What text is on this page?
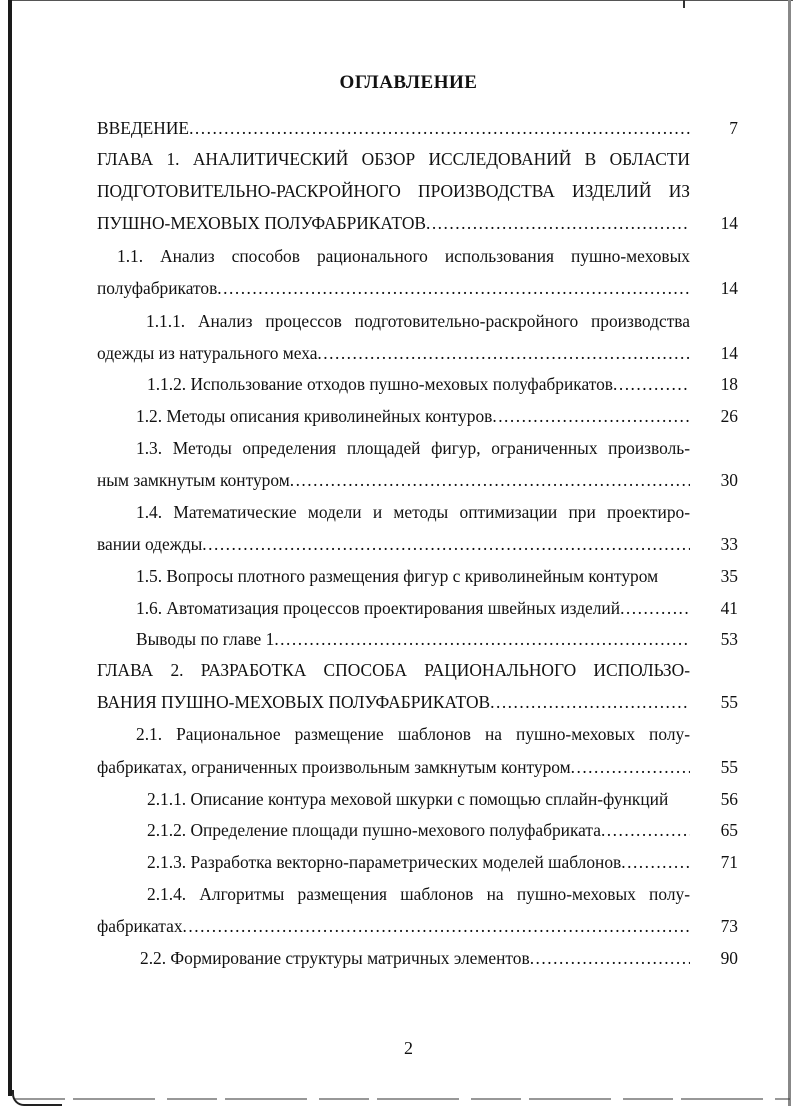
ОГЛАВЛЕНИЕ
ВВЕДЕНИЕ .....	7
ГЛАВА 1. АНАЛИТИЧЕСКИЙ ОБЗОР ИССЛЕДОВАНИЙ В ОБЛАСТИ
ПОДГОТОВИТЕЛЬНО-РАСКРОЙНОГО ПРОИЗВОДСТВА ИЗДЕЛИЙ ИЗ
ПУШНО-МЕХОВЫХ ПОЛУФАБРИКАТОВ .....	14
1.1. Анализ способов рационального использования пушно-меховых
полуфабрикатов .....	14
1.1.1. Анализ процессов подготовительно-раскройного производства
одежды из натурального меха .....	14
1.1.2. Использование отходов пушно-меховых полуфабрикатов .....	18
1.2. Методы описания криволинейных контуров .....	26
1.3. Методы определения площадей фигур, ограниченных произволь-
ным замкнутым контуром .....	30
1.4. Математические модели и методы оптимизации при проектиро-
вании одежды .....	33
1.5. Вопросы плотного размещения фигур с криволинейным контуром	35
1.6. Автоматизация процессов проектирования швейных изделий .....	41
Выводы по главе 1 .....	53
ГЛАВА 2. РАЗРАБОТКА СПОСОБА РАЦИОНАЛЬНОГО ИСПОЛЬЗО-
ВАНИЯ ПУШНО-МЕХОВЫХ ПОЛУФАБРИКАТОВ .....	55
2.1. Рациональное размещение шаблонов на пушно-меховых полу-
фабрикатах, ограниченных произвольным замкнутым контуром .....	55
2.1.1. Описание контура меховой шкурки с помощью сплайн-функций	56
2.1.2. Определение площади пушно-мехового полуфабриката .....	65
2.1.3. Разработка векторно-параметрических моделей шаблонов .....	71
2.1.4. Алгоритмы размещения шаблонов на пушно-меховых полу-
фабрикатах .....	73
2.2. Формирование структуры матричных элементов .....	90
2
